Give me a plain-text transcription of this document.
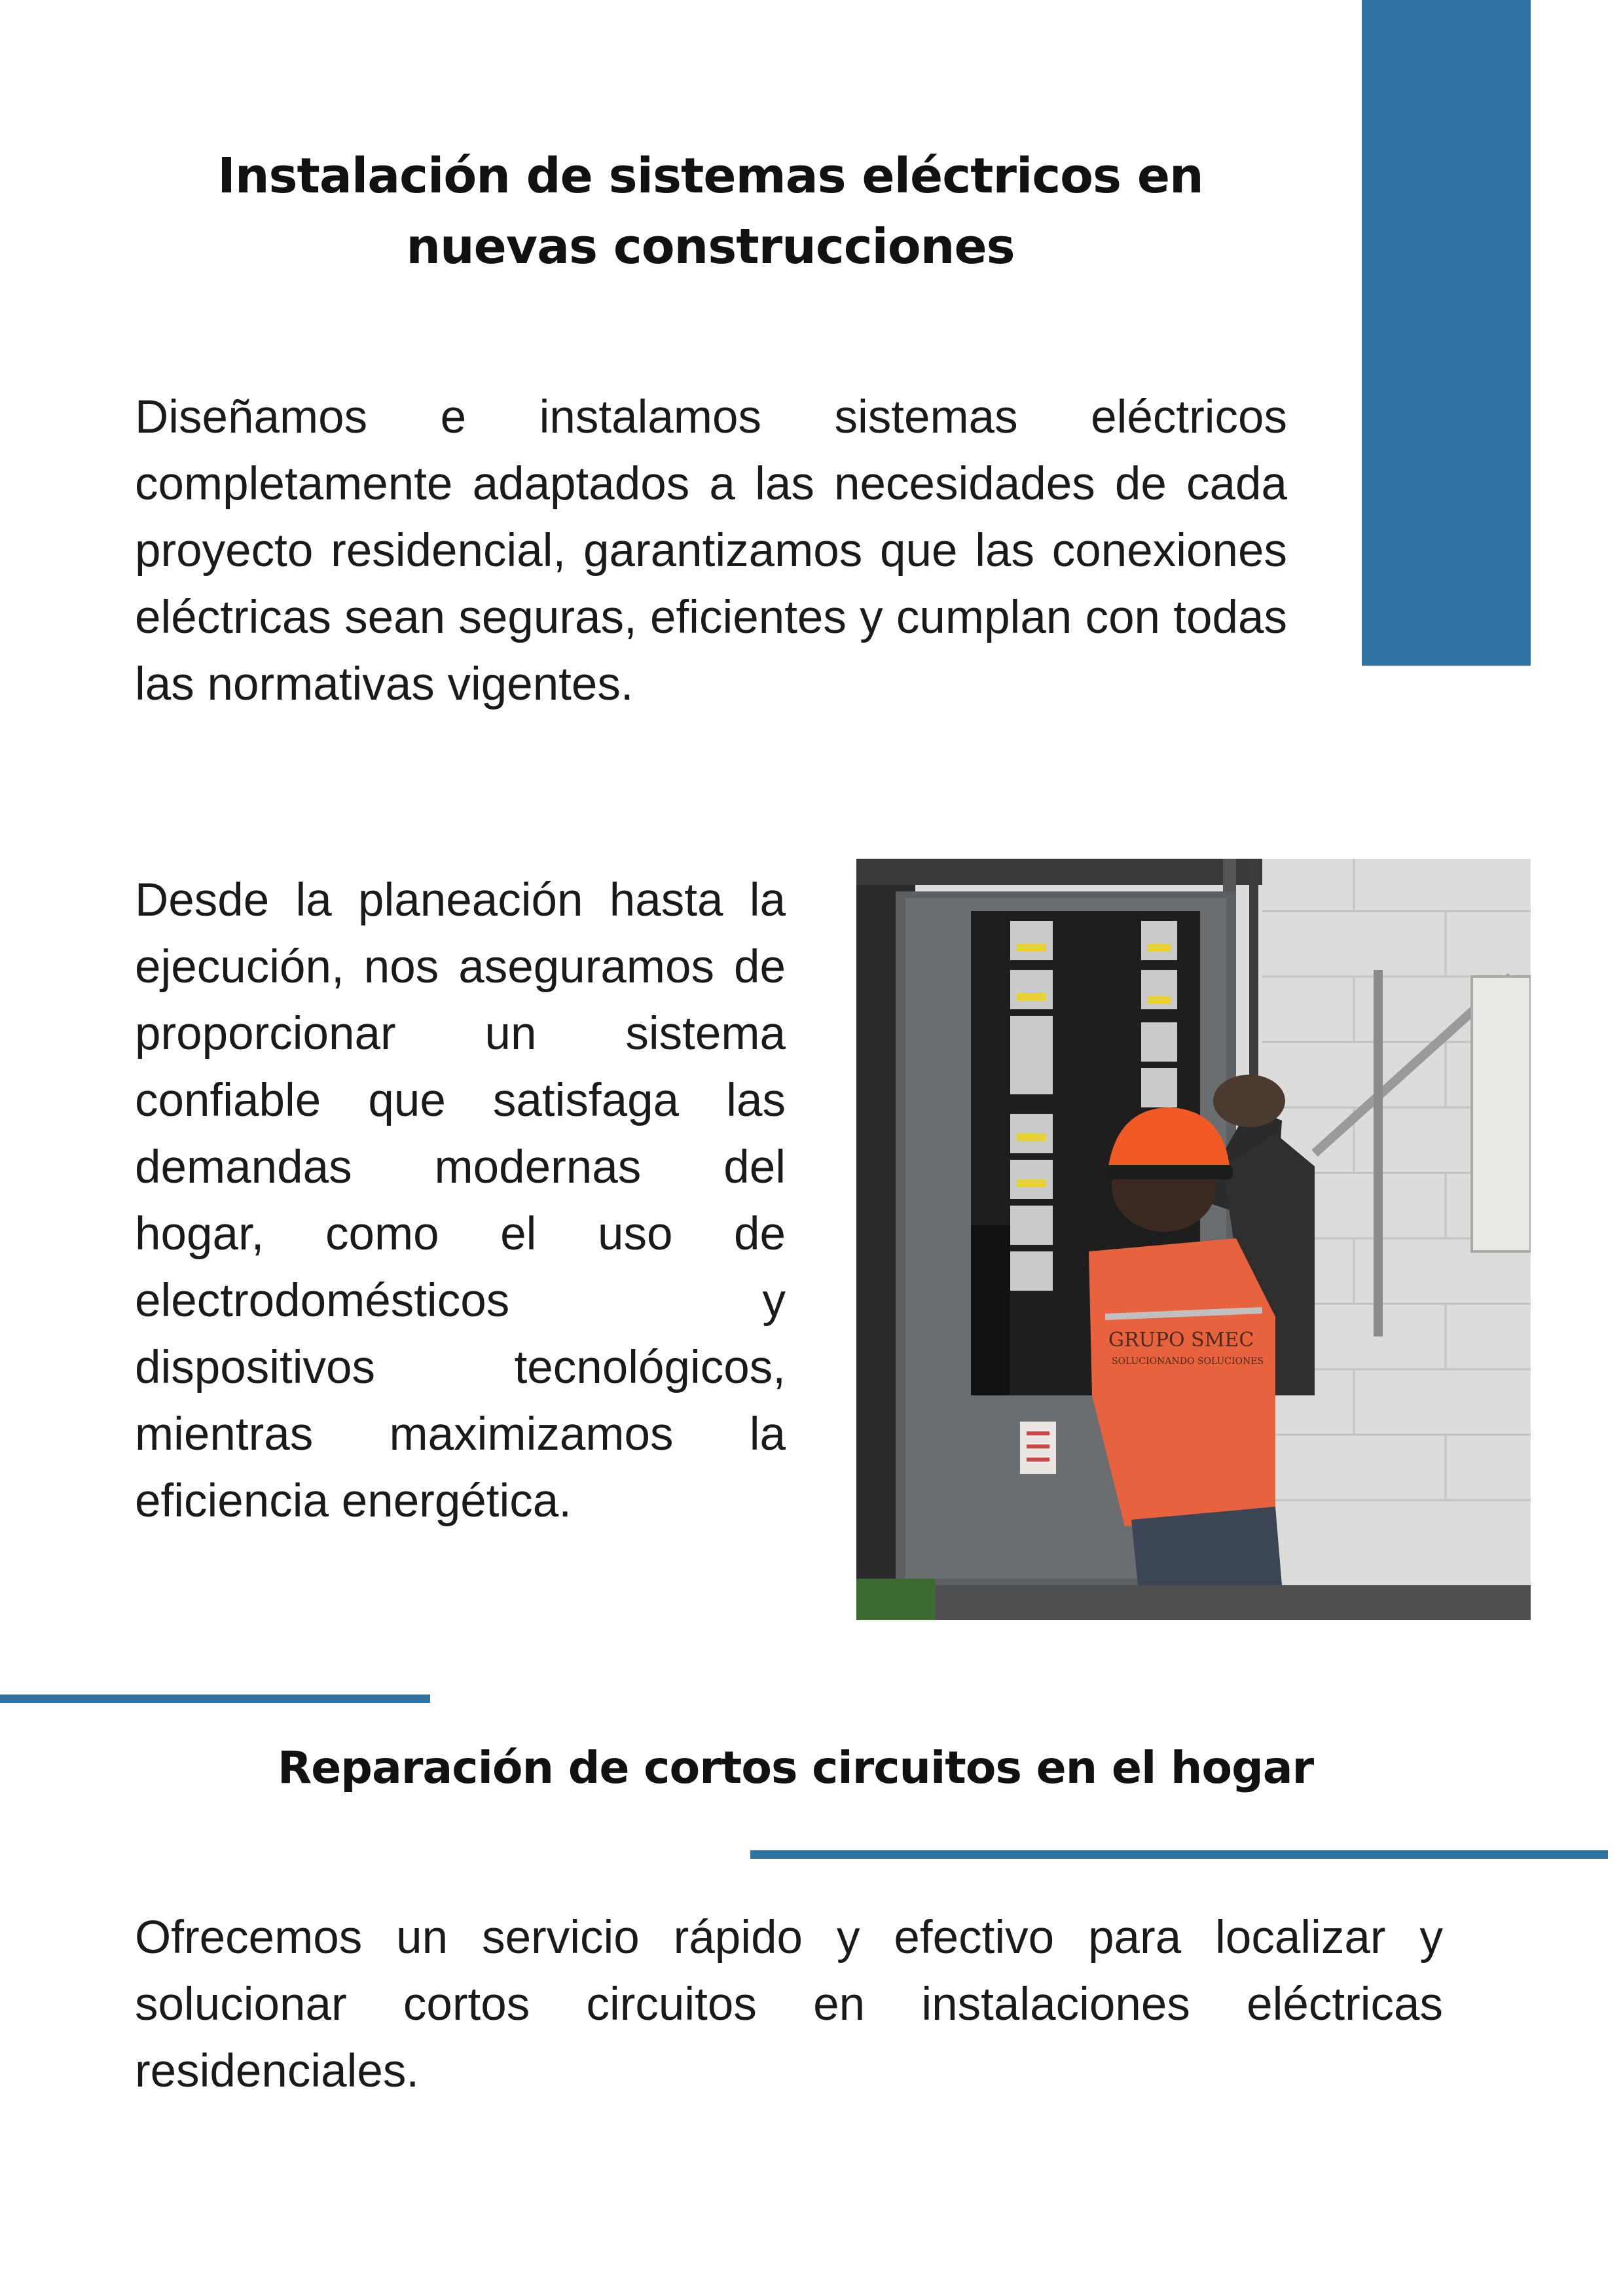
Instalación de sistemas eléctricos en nuevas construcciones

Diseñamos e instalamos sistemas eléctricos completamente adaptados a las necesidades de cada proyecto residencial, garantizamos que las conexiones eléctricas sean seguras, eficientes y cumplan con todas las normativas vigentes.

Desde la planeación hasta la ejecución, nos aseguramos de proporcionar un sistema confiable que satisfaga las demandas modernas del hogar, como el uso de electrodomésticos y dispositivos tecnológicos, mientras maximizamos la eficiencia energética.

GRUPO SMEC
SOLUCIONANDO SOLUCIONES
Reparación de cortos circuitos en el hogar

Ofrecemos un servicio rápido y efectivo para localizar y solucionar cortos circuitos en instalaciones eléctricas residenciales.
